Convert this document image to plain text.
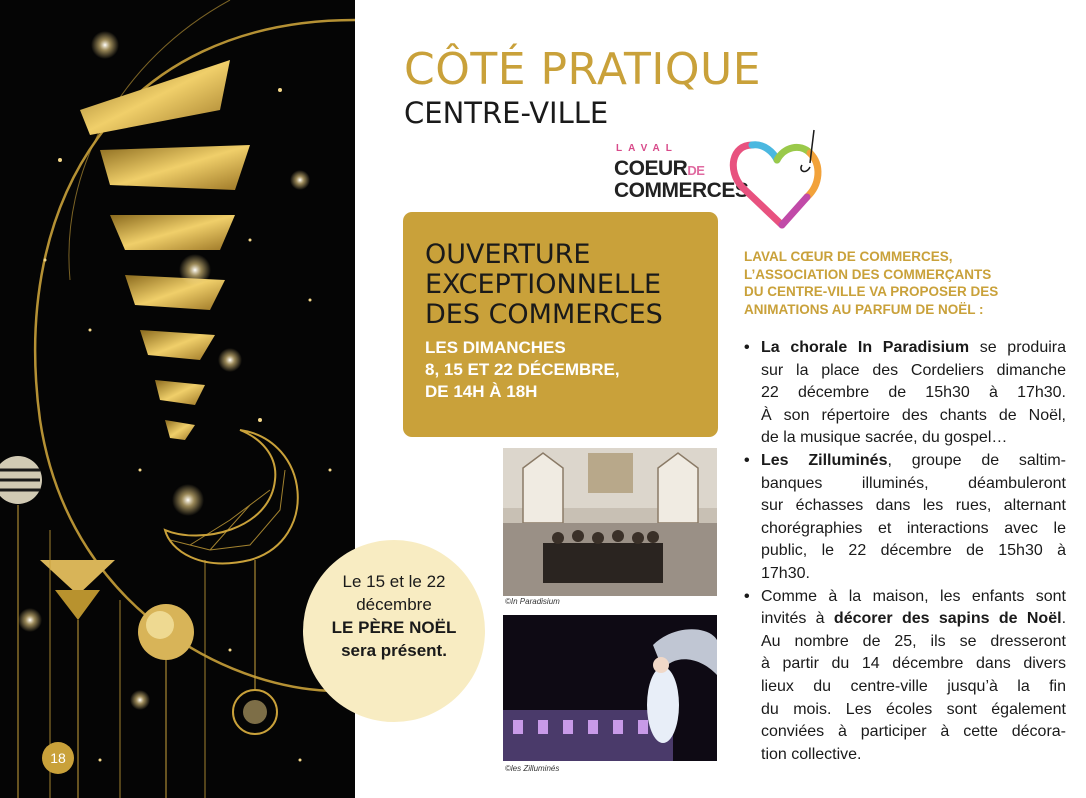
18
CÔTÉ PRATIQUE
CENTRE-VILLE
LAVAL
COEURDE
COMMERCES
OUVERTURE
EXCEPTIONNELLE
DES COMMERCES
LES DIMANCHES
8, 15 ET 22 DÉCEMBRE,
DE 14H À 18H
©In Paradisium
©les Zilluminés
Le 15 et le 22
décembre
LE PÈRE NOËL
sera présent.
LAVAL CŒUR DE COMMERCES,
L’ASSOCIATION DES COMMERÇANTS
DU CENTRE-VILLE VA PROPOSER DES
ANIMATIONS AU PARFUM DE NOËL :
• La chorale In Paradisium se produira
sur la place des Cordeliers dimanche
22 décembre de 15h30 à 17h30.
À son répertoire des chants de Noël,
de la musique sacrée, du gospel…
• Les Zilluminés, groupe de saltim-
banques illuminés, déambuleront
sur échasses dans les rues, alternant
chorégraphies et interactions avec le
public, le 22 décembre de 15h30 à
17h30.
• Comme à la maison, les enfants sont
invités à décorer des sapins de Noël.
Au nombre de 25, ils se dresseront
à partir du 14 décembre dans divers
lieux du centre-ville jusqu’à la fin
du mois. Les écoles sont également
conviées à participer à cette décora-
tion collective.
